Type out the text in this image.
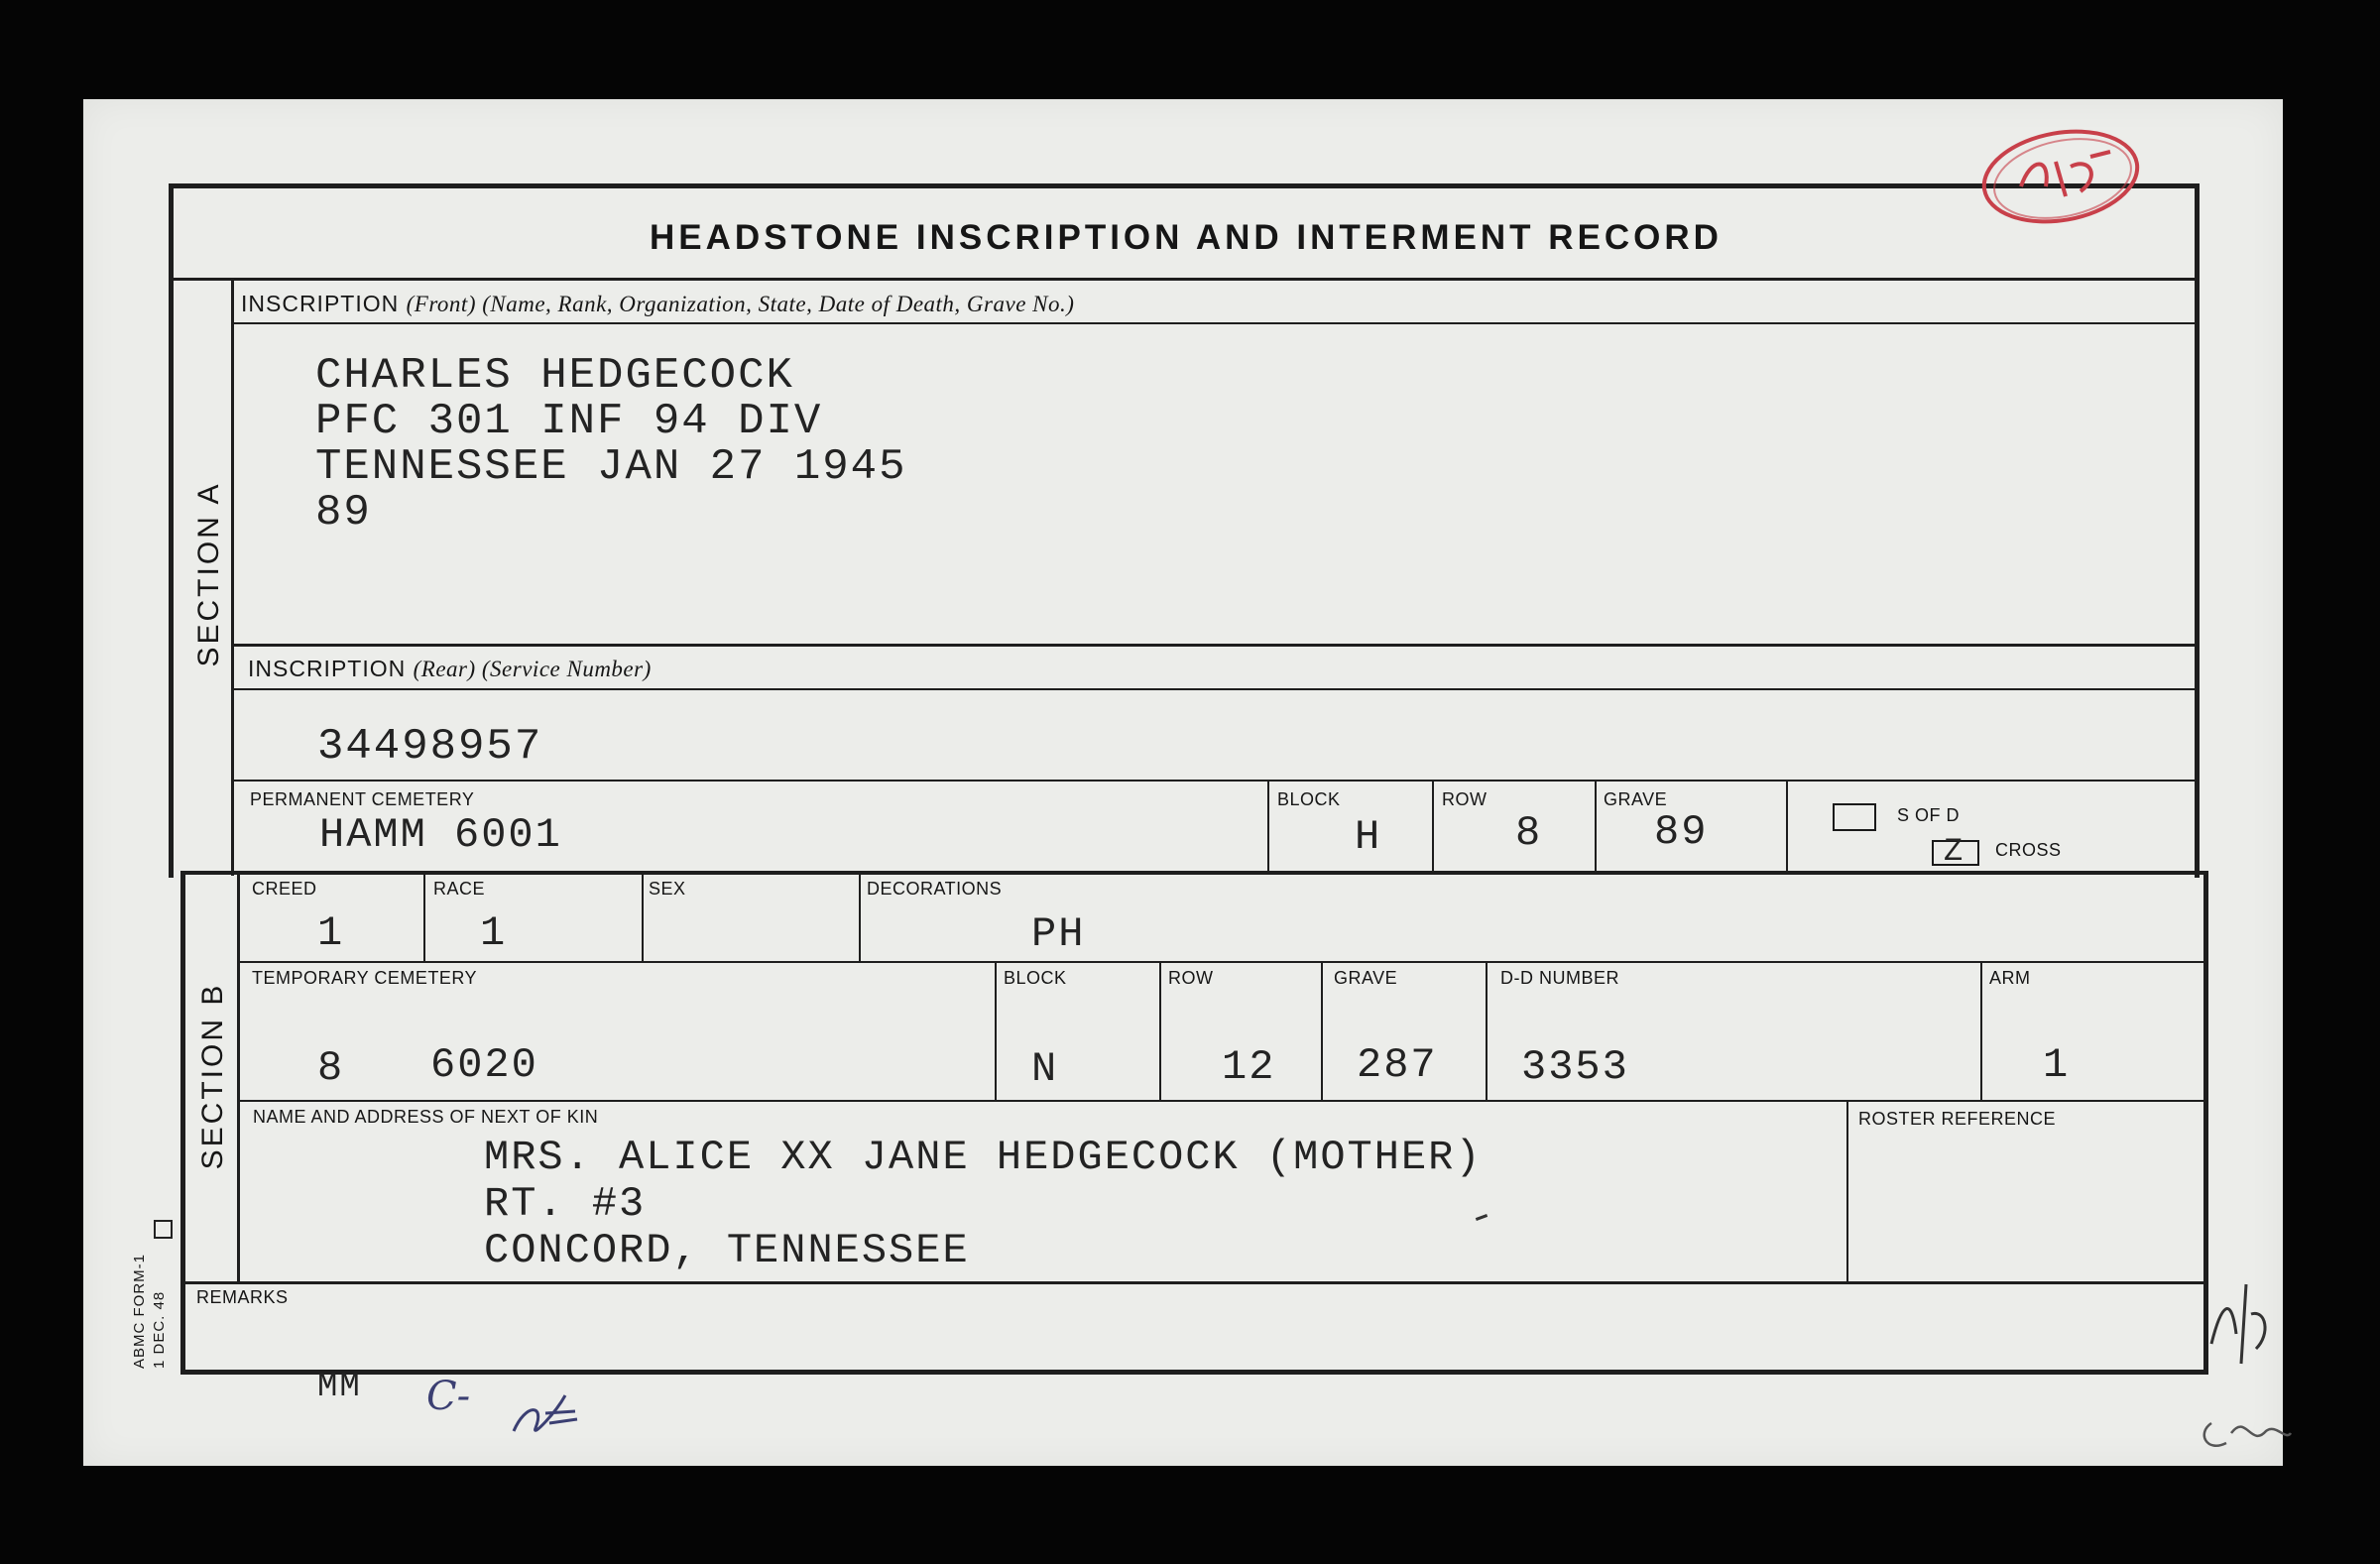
HEADSTONE INSCRIPTION AND INTERMENT RECORD
SECTION A
SECTION B
INSCRIPTION (Front) (Name, Rank, Organization, State, Date of Death, Grave No.)
CHARLES HEDGECOCK
PFC 301 INF 94 DIV
TENNESSEE JAN 27 1945
89
INSCRIPTION (Rear) (Service Number)
34498957
PERMANENT CEMETERY
HAMM 6001
BLOCK
H
ROW
8
GRAVE
89	S OF D
Z CROSS
CREED
1
RACE
1
SEX	DECORATIONS
PH
TEMPORARY CEMETERY
8 6020
BLOCK
N
ROW
12
GRAVE
287
D-D NUMBER
3353
ARM
1
NAME AND ADDRESS OF NEXT OF KIN
MRS. ALICE XX JANE HEDGECOCK (MOTHER)
RT. #3
CONCORD, TENNESSEE
ROSTER REFERENCE
REMARKS
MM C-
ABMC FORM-1 1 DEC. 48
